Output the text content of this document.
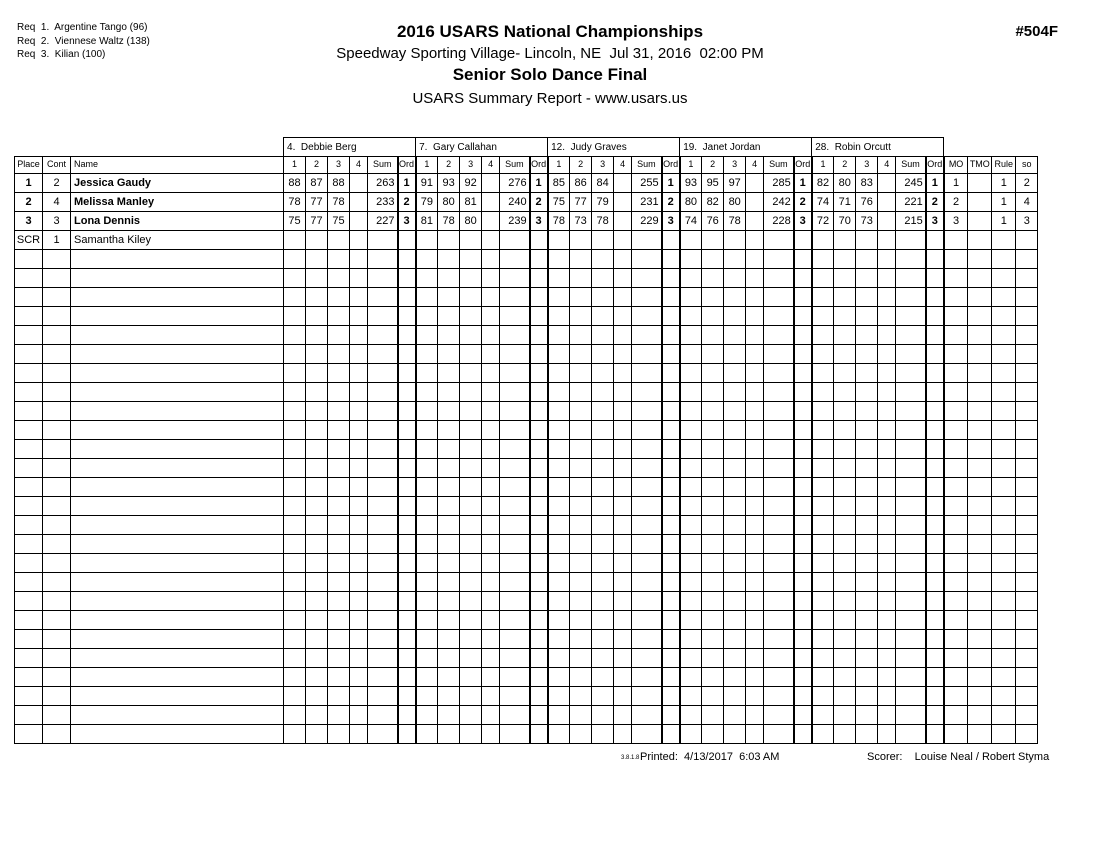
Req  1.  Argentine Tango (96)
Req  2.  Viennese Waltz (138)
Req  3.  Kilian (100)
#504F
2016 USARS National Championships
Speedway Sporting Village- Lincoln, NE  Jul 31, 2016  02:00 PM
Senior Solo Dance Final
USARS Summary Report - www.usars.us
			4.  Debbie Berg						7.  Gary Callahan						12.  Judy Graves						19.  Janet Jordan						28.  Robin Orcutt									
Place	Cont	Name	1	2	3	4	Sum	Ord	1	2	3	4	Sum	Ord	1	2	3	4	Sum	Ord	1	2	3	4	Sum	Ord	1	2	3	4	Sum	Ord	MO	TMO	Rule	so
1	2	Jessica Gaudy	88	87	88		263	1	91	93	92		276	1	85	86	84		255	1	93	95	97		285	1	82	80	83		245	1	1		1	2
2	4	Melissa Manley	78	77	78		233	2	79	80	81		240	2	75	77	79		231	2	80	82	80		242	2	74	71	76		221	2	2		1	4
3	3	Lona Dennis	75	77	75		227	3	81	78	80		239	3	78	73	78		229	3	74	76	78		228	3	72	70	73		215	3	3		1	3
SCR	1	Samantha Kiley																																		

3.8.1.8 Printed:  4/13/2017  6:03 AM	Scorer:    Louise Neal / Robert Styma
